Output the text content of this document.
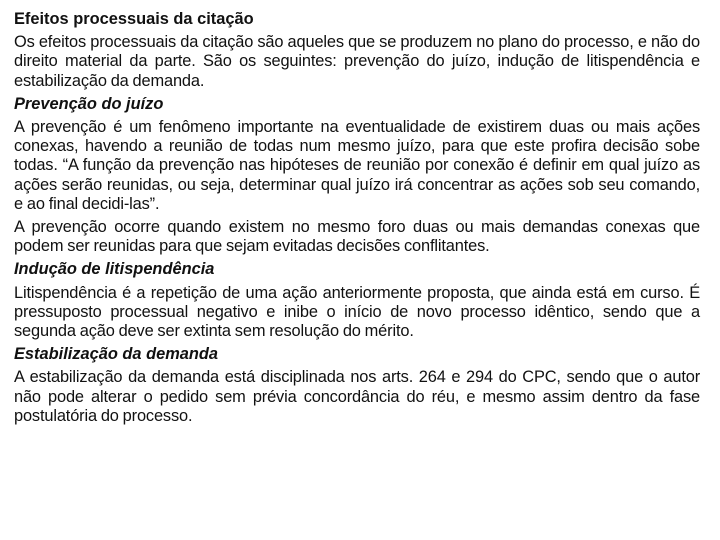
Efeitos processuais da citação
Os efeitos processuais da citação são aqueles que se produzem no plano do processo, e não do direito material da parte. São os seguintes: prevenção do juízo, indução de litispendência e estabilização da demanda.
Prevenção do juízo
A prevenção é um fenômeno importante na eventualidade de existirem duas ou mais ações conexas, havendo a reunião de todas num mesmo juízo, para que este profira decisão sobe todas. “A função da prevenção nas hipóteses de reunião por conexão é definir em qual juízo as ações serão reunidas, ou seja, determinar qual juízo irá concentrar as ações sob seu comando, e ao final decidi-las”.
A prevenção ocorre quando existem no mesmo foro duas ou mais demandas conexas que podem ser reunidas para que sejam evitadas decisões conflitantes.
Indução de litispendência
Litispendência é a repetição de uma ação anteriormente proposta, que ainda está em curso. É pressuposto processual negativo e inibe o início de novo processo idêntico, sendo que a segunda ação deve ser extinta sem resolução do mérito.
Estabilização da demanda
A estabilização da demanda está disciplinada nos arts. 264 e 294 do CPC, sendo que o autor não pode alterar o pedido sem prévia concordância do réu, e mesmo assim dentro da fase postulatória do processo.
